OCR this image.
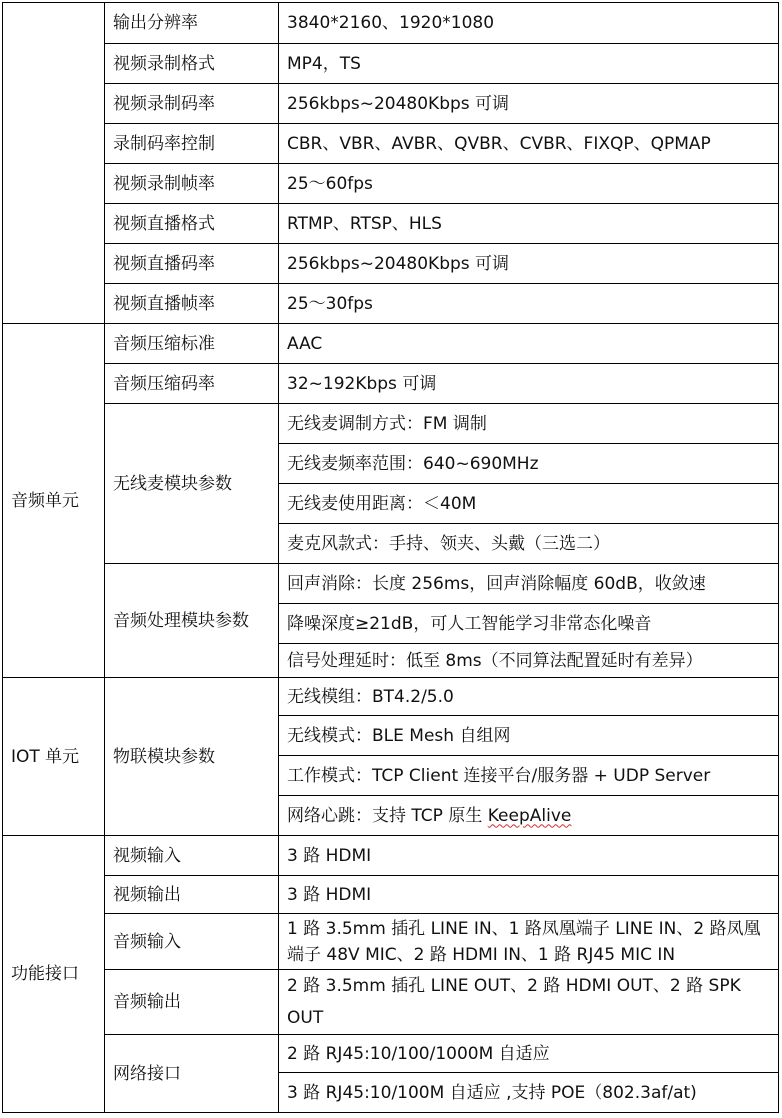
	输出分辨率	3840*2160、1920*1080
	视频录制格式	MP4，TS
	视频录制码率	256kbps~20480Kbps 可调
	录制码率控制	CBR、VBR、AVBR、QVBR、CVBR、FIXQP、QPMAP
	视频录制帧率	25～60fps
	视频直播格式	RTMP、RTSP、HLS
	视频直播码率	256kbps~20480Kbps 可调
	视频直播帧率	25～30fps
音频单元	音频压缩标准	AAC
	音频压缩码率	32~192Kbps 可调
	无线麦模块参数	无线麦调制方式：FM 调制
		无线麦频率范围：640~690MHz
		无线麦使用距离：＜40M
		麦克风款式：手持、领夹、头戴（三选二）
	音频处理模块参数	回声消除：长度 256ms，回声消除幅度 60dB，收敛速
		降噪深度≥21dB，可人工智能学习非常态化噪音
		信号处理延时：低至 8ms（不同算法配置延时有差异）
IOT 单元	物联模块参数	无线模组：BT4.2/5.0
		无线模式：BLE Mesh 自组网
		工作模式：TCP Client 连接平台/服务器 + UDP Server
		网络心跳：支持 TCP 原生 KeepAlive
功能接口	视频输入	3 路 HDMI
	视频输出	3 路 HDMI
	音频输入	1 路 3.5mm 插孔 LINE IN、1 路凤凰端子 LINE IN、2 路凤凰端子 48V MIC、2 路 HDMI IN、1 路 RJ45 MIC IN
	音频输出	2 路 3.5mm 插孔 LINE OUT、2 路 HDMI OUT、2 路 SPK OUT
	网络接口	2 路 RJ45:10/100/1000M 自适应
		3 路 RJ45:10/100M 自适应 ,支持 POE（802.3af/at)
